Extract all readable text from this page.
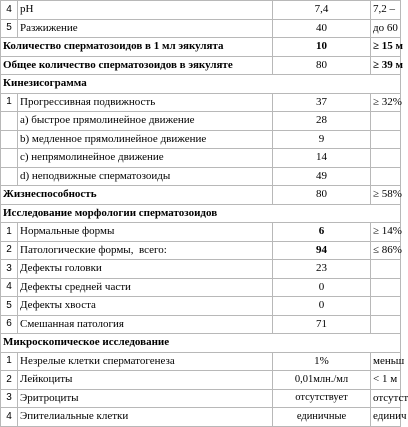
4	pH	7,4	7,2 –
5	Разжижение	40	до 60
Количество сперматозоидов в 1 мл эякулята		10	≥ 15 м
Общее количество сперматозоидов в эякуляте		80	≥ 39 м
Кинезисограмма			
1	Прогрессивная подвижность	37	≥ 32%
	a) быстрое прямолинейное движение	28	
	b) медленное прямолинейное движение	9	
	c) непрямолинейное движение	14	
	d) неподвижные сперматозоиды	49	
Жизнеспособность		80	≥ 58%
Исследование морфологии сперматозоидов			
1	Нормальные формы	6	≥ 14%
2	Патологические формы,  всего:	94	≤ 86%
3	Дефекты головки	23	
4	Дефекты средней части	0	
5	Дефекты хвоста	0	
6	Смешанная патология	71	
Микроскопическое исследование			
1	Незрелые клетки сперматогенеза	1%	меньш
2	Лейкоциты	0,01млн./мл	< 1 м
3	Эритроциты	отсутствует	отсутст
4	Эпителиальные клетки	единичные	единич
